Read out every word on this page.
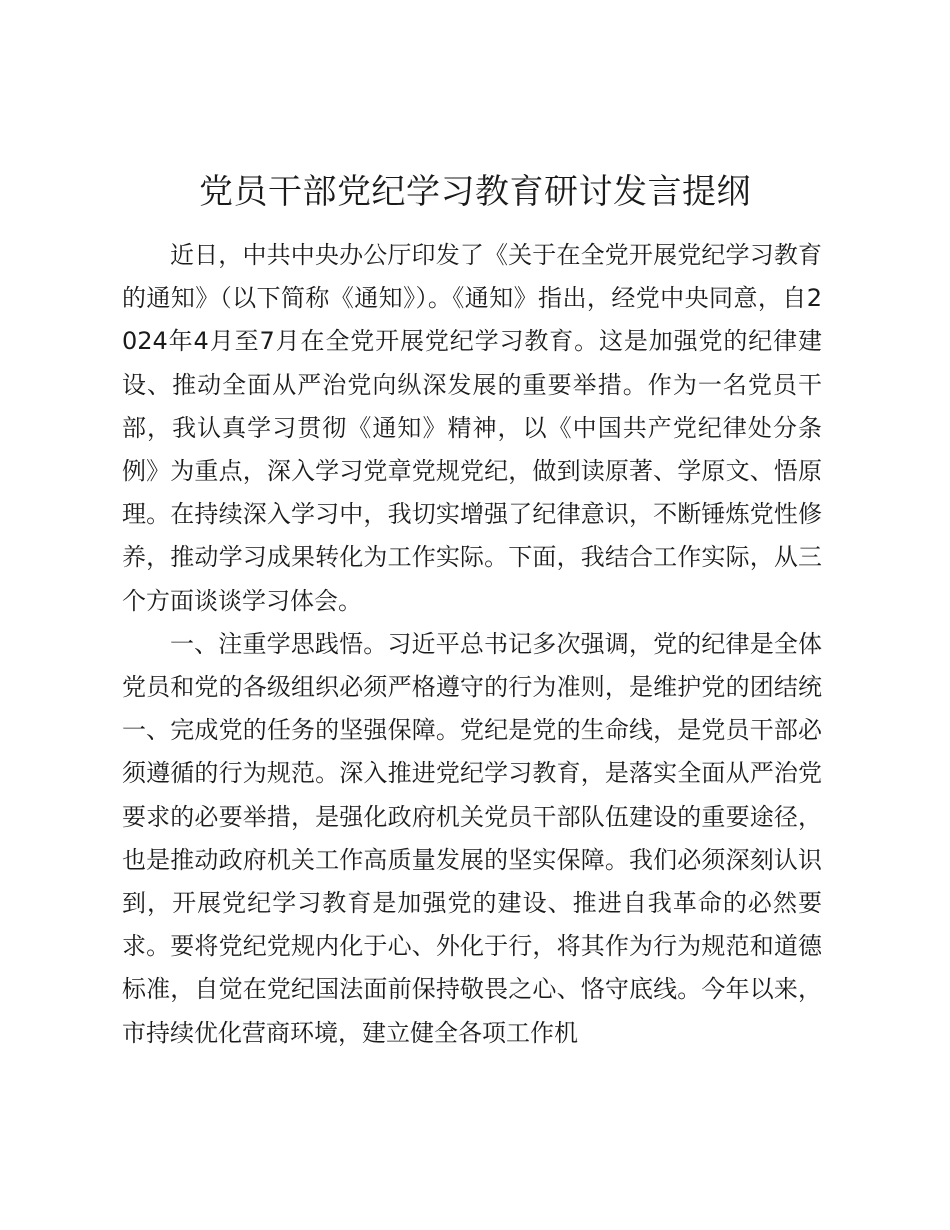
党员干部党纪学习教育研讨发言提纲

近日，中共中央办公厅印发了《关于在全党开展党纪学习教育的通知》（以下简称《通知》）。《通知》指出，经党中央同意，自2024年4月至7月在全党开展党纪学习教育。这是加强党的纪律建设、推动全面从严治党向纵深发展的重要举措。作为一名党员干部，我认真学习贯彻《通知》精神，以《中国共产党纪律处分条例》为重点，深入学习党章党规党纪，做到读原著、学原文、悟原理。在持续深入学习中，我切实增强了纪律意识，不断锤炼党性修养，推动学习成果转化为工作实际。下面，我结合工作实际，从三个方面谈谈学习体会。

一、注重学思践悟。习近平总书记多次强调，党的纪律是全体党员和党的各级组织必须严格遵守的行为准则，是维护党的团结统一、完成党的任务的坚强保障。党纪是党的生命线，是党员干部必须遵循的行为规范。深入推进党纪学习教育，是落实全面从严治党要求的必要举措，是强化政府机关党员干部队伍建设的重要途径，也是推动政府机关工作高质量发展的坚实保障。我们必须深刻认识到，开展党纪学习教育是加强党的建设、推进自我革命的必然要求。要将党纪党规内化于心、外化于行，将其作为行为规范和道德标准，自觉在党纪国法面前保持敬畏之心、恪守底线。今年以来，市持续优化营商环境，建立健全各项工作机
